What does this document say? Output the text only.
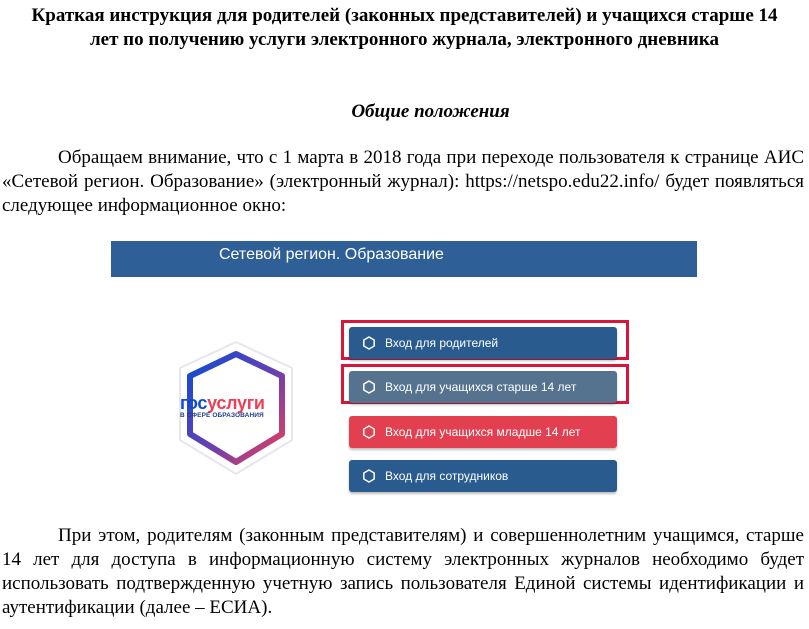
Краткая инструкция для родителей (законных представителей) и учащихся старше 14 лет по получению услуги электронного журнала, электронного дневника
Общие положения
Обращаем внимание, что с 1 марта в 2018 года при переходе пользователя к странице АИС «Сетевой регион. Образование» (электронный журнал): https://netspo.edu22.info/ будет появляться следующее информационное окно:
Сетевой регион. Образование
госуслуги
В СФЕРЕ ОБРАЗОВАНИЯ
Вход для родителей
Вход для учащихся старше 14 лет
Вход для учащихся младше 14 лет
Вход для сотрудников
При этом, родителям (законным представителям) и совершеннолетним учащимся, старше 14 лет для доступа в информационную систему электронных журналов необходимо будет использовать подтвержденную учетную запись пользователя Единой системы идентификации и аутентификации (далее – ЕСИА).
